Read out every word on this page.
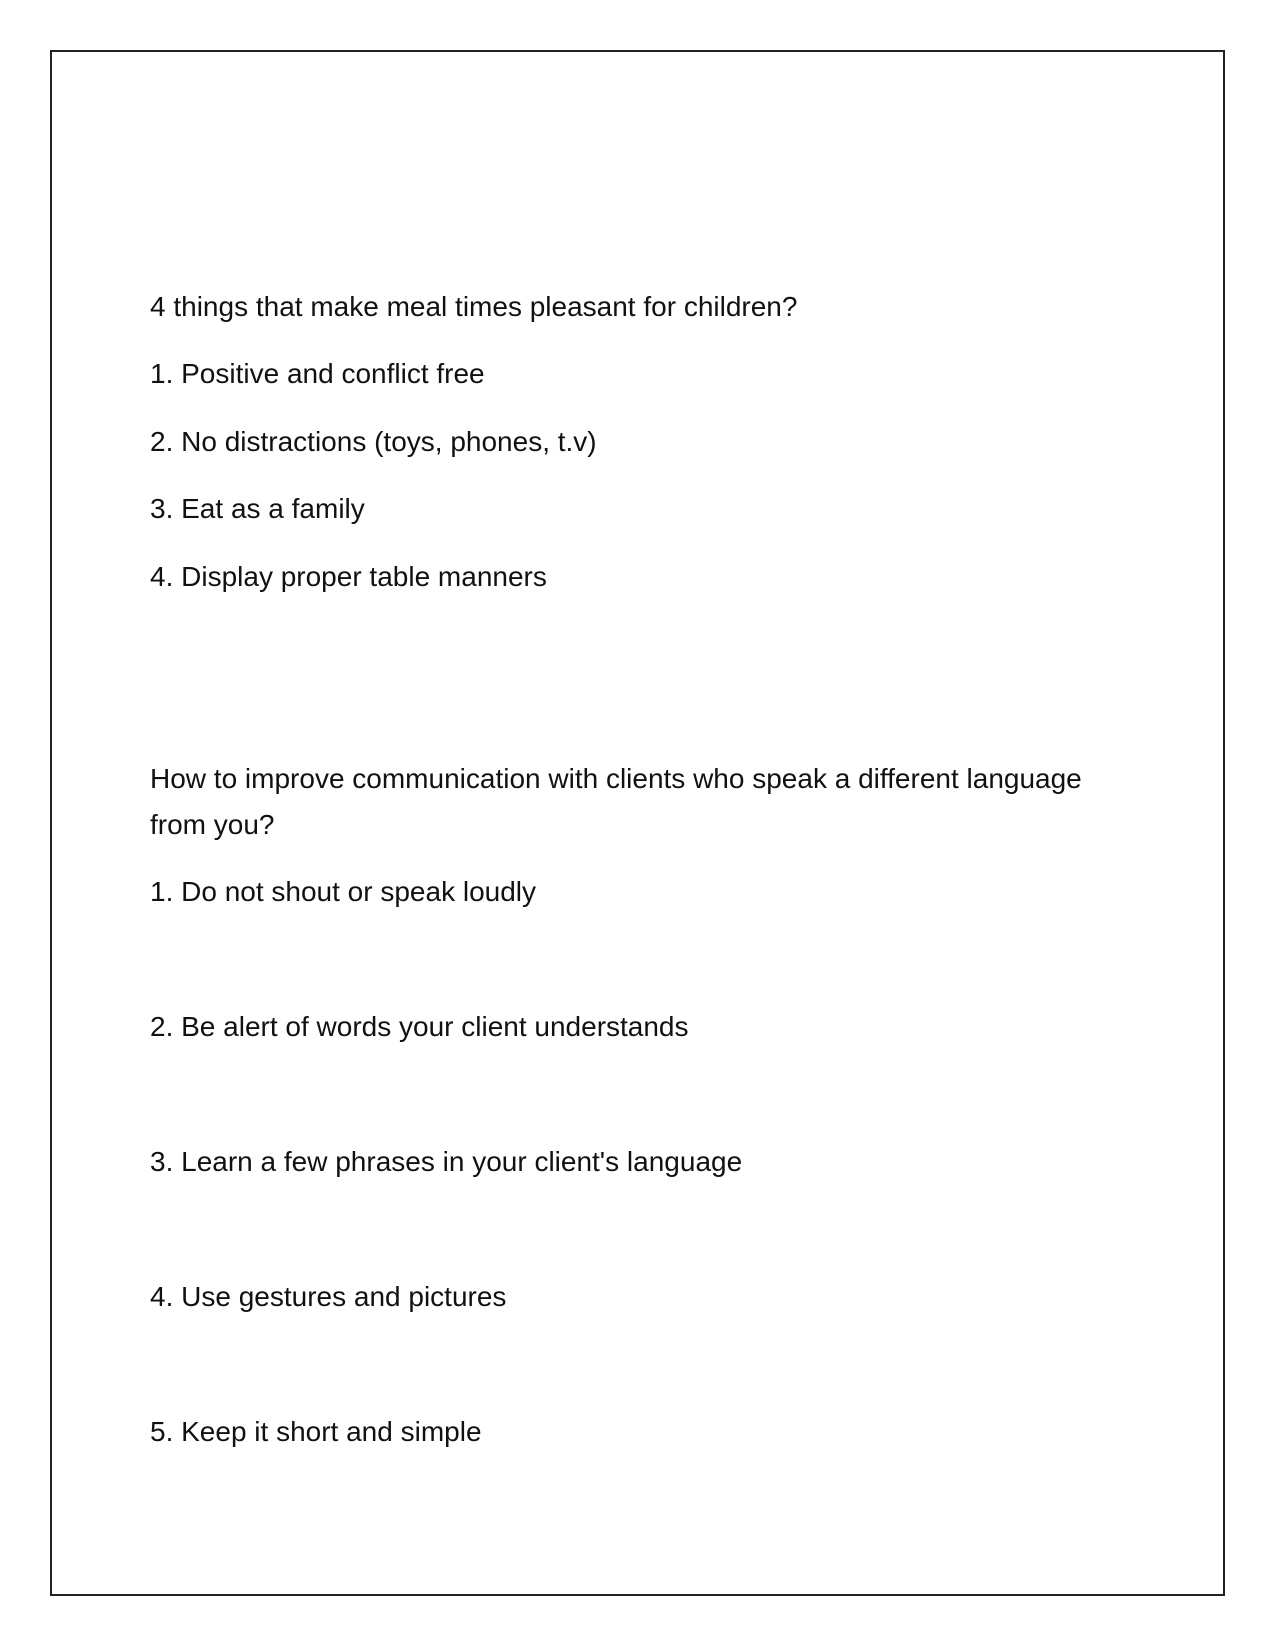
4 things that make meal times pleasant for children?

1. Positive and conflict free

2. No distractions (toys, phones, t.v)

3. Eat as a family

4. Display proper table manners

How to improve communication with clients who speak a different language from you?

1. Do not shout or speak loudly

2. Be alert of words your client understands

3. Learn a few phrases in your client's language

4. Use gestures and pictures

5. Keep it short and simple
